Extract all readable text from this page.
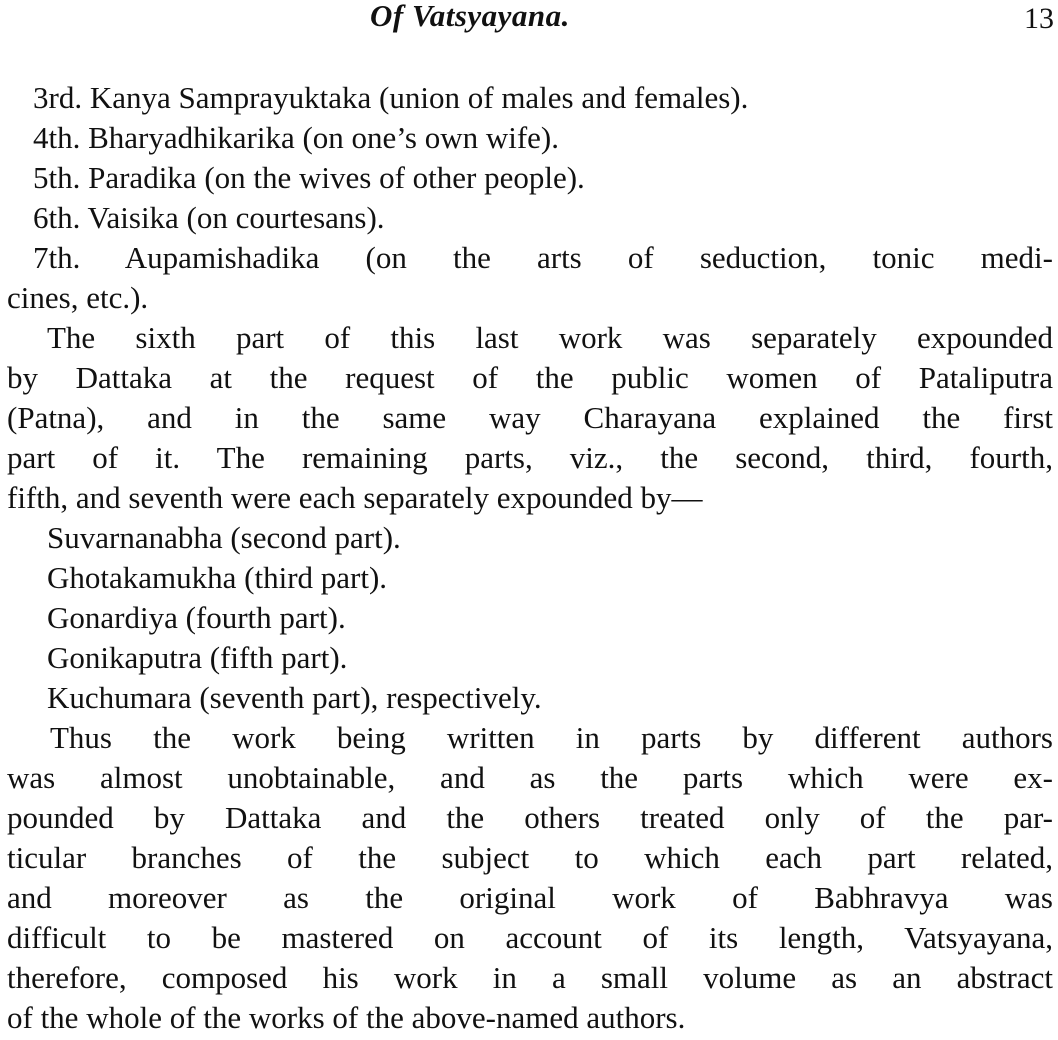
Of Vatsyayana.	13
3rd. Kanya Samprayuktaka (union of males and females).
4th. Bharyadhikarika (on one’s own wife).
5th. Paradika (on the wives of other people).
6th. Vaisika (on courtesans).
7th. Aupamishadika (on the arts of seduction, tonic medi-
cines, etc.).
The sixth part of this last work was separately expounded
by Dattaka at the request of the public women of Pataliputra
(Patna), and in the same way Charayana explained the first
part of it. The remaining parts, viz., the second, third, fourth,
fifth, and seventh were each separately expounded by—
Suvarnanabha (second part).
Ghotakamukha (third part).
Gonardiya (fourth part).
Gonikaputra (fifth part).
Kuchumara (seventh part), respectively.
Thus the work being written in parts by different authors
was almost unobtainable, and as the parts which were ex-
pounded by Dattaka and the others treated only of the par-
ticular branches of the subject to which each part related,
and moreover as the original work of Babhravya was
difficult to be mastered on account of its length, Vatsyayana,
therefore, composed his work in a small volume as an abstract
of the whole of the works of the above-named authors.
